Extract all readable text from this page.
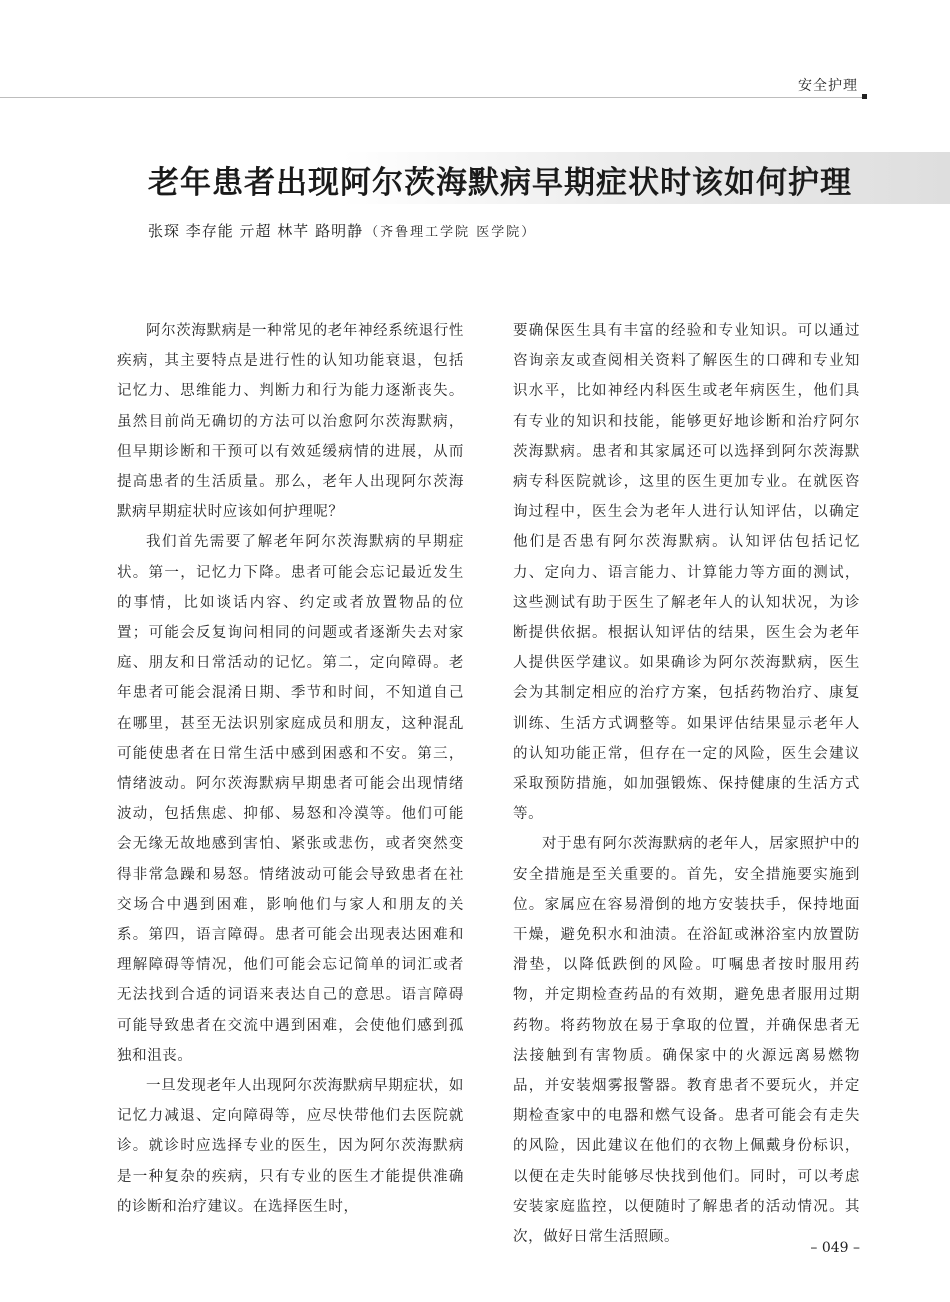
安全护理
老年患者出现阿尔茨海默病早期症状时该如何护理
张琛 李存能 亓超 林芊 路明静 （齐鲁理工学院 医学院）

阿尔茨海默病是一种常见的老年神经系统退行性疾病，其主要特点是进行性的认知功能衰退，包括记忆力、思维能力、判断力和行为能力逐渐丧失。虽然目前尚无确切的方法可以治愈阿尔茨海默病，但早期诊断和干预可以有效延缓病情的进展，从而提高患者的生活质量。那么，老年人出现阿尔茨海默病早期症状时应该如何护理呢？

我们首先需要了解老年阿尔茨海默病的早期症状。第一，记忆力下降。患者可能会忘记最近发生的事情，比如谈话内容、约定或者放置物品的位置；可能会反复询问相同的问题或者逐渐失去对家庭、朋友和日常活动的记忆。第二，定向障碍。老年患者可能会混淆日期、季节和时间，不知道自己在哪里，甚至无法识别家庭成员和朋友，这种混乱可能使患者在日常生活中感到困惑和不安。第三，情绪波动。阿尔茨海默病早期患者可能会出现情绪波动，包括焦虑、抑郁、易怒和冷漠等。他们可能会无缘无故地感到害怕、紧张或悲伤，或者突然变得非常急躁和易怒。情绪波动可能会导致患者在社交场合中遇到困难，影响他们与家人和朋友的关系。第四，语言障碍。患者可能会出现表达困难和理解障碍等情况，他们可能会忘记简单的词汇或者无法找到合适的词语来表达自己的意思。语言障碍可能导致患者在交流中遇到困难，会使他们感到孤独和沮丧。

一旦发现老年人出现阿尔茨海默病早期症状，如记忆力减退、定向障碍等，应尽快带他们去医院就诊。就诊时应选择专业的医生，因为阿尔茨海默病是一种复杂的疾病，只有专业的医生才能提供准确的诊断和治疗建议。在选择医生时，

要确保医生具有丰富的经验和专业知识。可以通过咨询亲友或查阅相关资料了解医生的口碑和专业知识水平，比如神经内科医生或老年病医生，他们具有专业的知识和技能，能够更好地诊断和治疗阿尔茨海默病。患者和其家属还可以选择到阿尔茨海默病专科医院就诊，这里的医生更加专业。在就医咨询过程中，医生会为老年人进行认知评估，以确定他们是否患有阿尔茨海默病。认知评估包括记忆力、定向力、语言能力、计算能力等方面的测试，这些测试有助于医生了解老年人的认知状况，为诊断提供依据。根据认知评估的结果，医生会为老年人提供医学建议。如果确诊为阿尔茨海默病，医生会为其制定相应的治疗方案，包括药物治疗、康复训练、生活方式调整等。如果评估结果显示老年人的认知功能正常，但存在一定的风险，医生会建议采取预防措施，如加强锻炼、保持健康的生活方式等。

对于患有阿尔茨海默病的老年人，居家照护中的安全措施是至关重要的。首先，安全措施要实施到位。家属应在容易滑倒的地方安装扶手，保持地面干燥，避免积水和油渍。在浴缸或淋浴室内放置防滑垫，以降低跌倒的风险。叮嘱患者按时服用药物，并定期检查药品的有效期，避免患者服用过期药物。将药物放在易于拿取的位置，并确保患者无法接触到有害物质。确保家中的火源远离易燃物品，并安装烟雾报警器。教育患者不要玩火，并定期检查家中的电器和燃气设备。患者可能会有走失的风险，因此建议在他们的衣物上佩戴身份标识，以便在走失时能够尽快找到他们。同时，可以考虑安装家庭监控，以便随时了解患者的活动情况。其次，做好日常生活照顾。

– 049 –
